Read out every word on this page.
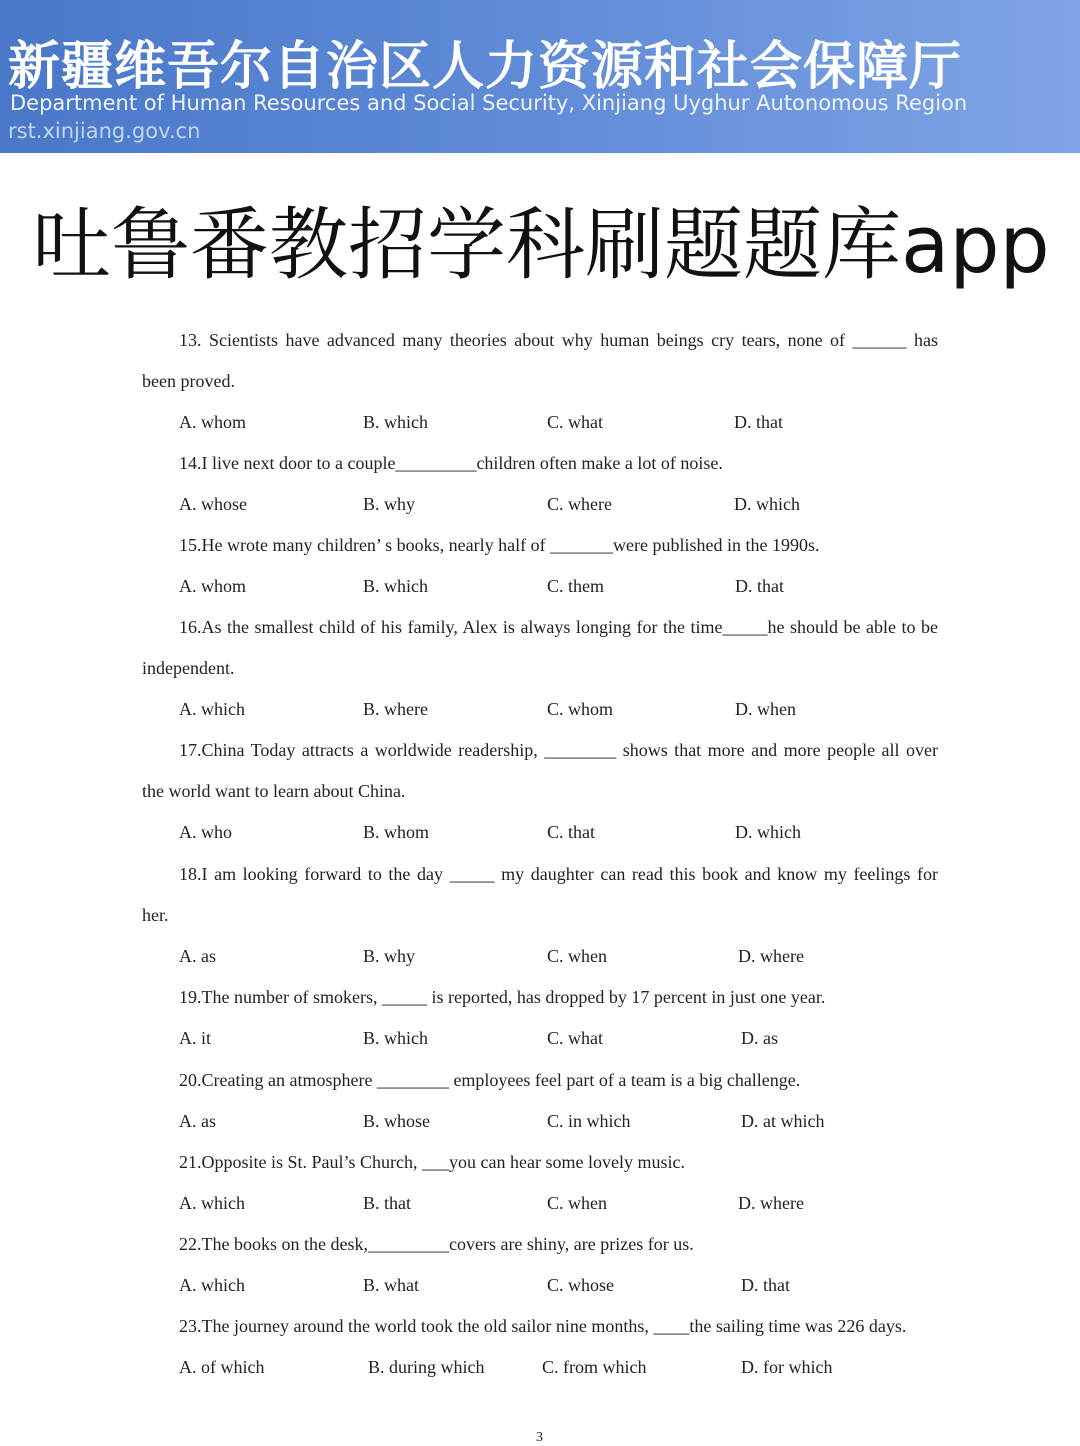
新疆维吾尔自治区人力资源和社会保障厅
Department of Human Resources and Social Security, Xinjiang Uyghur Autonomous Region
rst.xinjiang.gov.cn
吐鲁番教招学科刷题题库app
13. Scientists have advanced many theories about why human beings cry tears, none of ______ has
been proved.
A. whom	B. which	C. what	D. that
14.I live next door to a couple_________children often make a lot of noise.
A. whose	B. why	C. where	D. which
15.He wrote many children’ s books, nearly half of _______were published in the 1990s.
A. whom	B. which	C. them	D. that
16.As the smallest child of his family, Alex is always longing for the time_____he should be able to be
independent.
A. which	B. where	C. whom	D. when
17.China Today attracts a worldwide readership, ________ shows that more and more people all over
the world want to learn about China.
A. who	B. whom	C. that	D. which
18.I am looking forward to the day _____ my daughter can read this book and know my feelings for
her.
A. as	B. why	C. when	D. where
19.The number of smokers, _____ is reported, has dropped by 17 percent in just one year.
A. it	B. which	C. what	D. as
20.Creating an atmosphere ________ employees feel part of a team is a big challenge.
A. as	B. whose	C. in which	D. at which
21.Opposite is St. Paul’s Church, ___you can hear some lovely music.
A. which	B. that	C. when	D. where
22.The books on the desk,_________covers are shiny, are prizes for us.
A. which	B. what	C. whose	D. that
23.The journey around the world took the old sailor nine months, ____the sailing time was 226 days.
A. of which	B. during which	C. from which	D. for which
3
